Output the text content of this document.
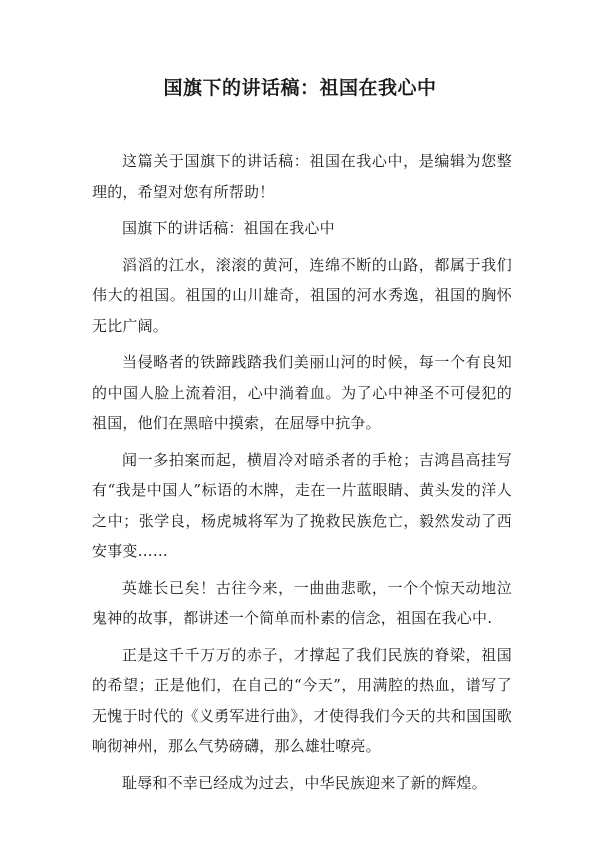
国旗下的讲话稿：祖国在我心中

这篇关于国旗下的讲话稿：祖国在我心中，是编辑为您整理的，希望对您有所帮助！

国旗下的讲话稿：祖国在我心中

滔滔的江水，滚滚的黄河，连绵不断的山路，都属于我们伟大的祖国。祖国的山川雄奇，祖国的河水秀逸，祖国的胸怀无比广阔。

当侵略者的铁蹄践踏我们美丽山河的时候，每一个有良知的中国人脸上流着泪，心中淌着血。为了心中神圣不可侵犯的祖国，他们在黑暗中摸索，在屈辱中抗争。

闻一多拍案而起，横眉冷对暗杀者的手枪；吉鸿昌高挂写有“我是中国人”标语的木牌，走在一片蓝眼睛、黄头发的洋人之中；张学良，杨虎城将军为了挽救民族危亡，毅然发动了西安事变……

英雄长已矣！古往今来，一曲曲悲歌，一个个惊天动地泣鬼神的故事，都讲述一个简单而朴素的信念，祖国在我心中.

正是这千千万万的赤子，才撑起了我们民族的脊梁，祖国的希望；正是他们，在自己的“今天”，用满腔的热血，谱写了无愧于时代的《义勇军进行曲》，才使得我们今天的共和国国歌响彻神州，那么气势磅礴，那么雄壮嘹亮。

耻辱和不幸已经成为过去，中华民族迎来了新的辉煌。
